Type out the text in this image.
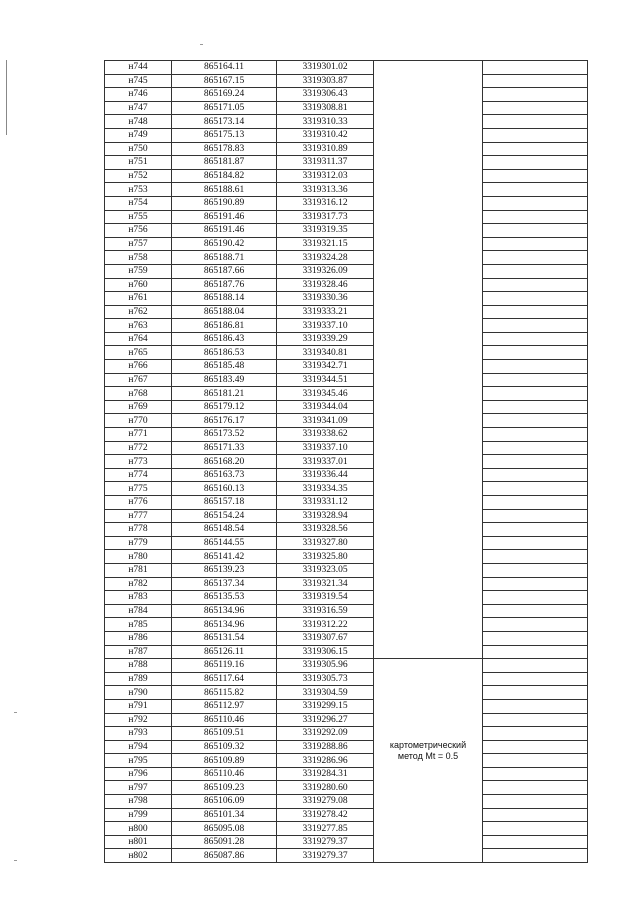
н744	865164.11	3319301.02		
н745	865167.15	3319303.87		
н746	865169.24	3319306.43		
н747	865171.05	3319308.81		
н748	865173.14	3319310.33		
н749	865175.13	3319310.42		
н750	865178.83	3319310.89		
н751	865181.87	3319311.37		
н752	865184.82	3319312.03		
н753	865188.61	3319313.36		
н754	865190.89	3319316.12		
н755	865191.46	3319317.73		
н756	865191.46	3319319.35		
н757	865190.42	3319321.15		
н758	865188.71	3319324.28		
н759	865187.66	3319326.09		
н760	865187.76	3319328.46		
н761	865188.14	3319330.36		
н762	865188.04	3319333.21		
н763	865186.81	3319337.10		
н764	865186.43	3319339.29		
н765	865186.53	3319340.81		
н766	865185.48	3319342.71		
н767	865183.49	3319344.51		
н768	865181.21	3319345.46		
н769	865179.12	3319344.04		
н770	865176.17	3319341.09		
н771	865173.52	3319338.62		
н772	865171.33	3319337.10		
н773	865168.20	3319337.01		
н774	865163.73	3319336.44		
н775	865160.13	3319334.35		
н776	865157.18	3319331.12		
н777	865154.24	3319328.94		
н778	865148.54	3319328.56		
н779	865144.55	3319327.80		
н780	865141.42	3319325.80		
н781	865139.23	3319323.05		
н782	865137.34	3319321.34		
н783	865135.53	3319319.54		
н784	865134.96	3319316.59		
н785	865134.96	3319312.22		
н786	865131.54	3319307.67		
н787	865126.11	3319306.15		
н788	865119.16	3319305.96		
н789	865117.64	3319305.73		
н790	865115.82	3319304.59		
н791	865112.97	3319299.15		
н792	865110.46	3319296.27		
н793	865109.51	3319292.09		
н794	865109.32	3319288.86		
н795	865109.89	3319286.96		
н796	865110.46	3319284.31		
н797	865109.23	3319280.60		
н798	865106.09	3319279.08		
н799	865101.34	3319278.42		
н800	865095.08	3319277.85		
н801	865091.28	3319279.37		
н802	865087.86	3319279.37		
картометрический метод Mt = 0.5
